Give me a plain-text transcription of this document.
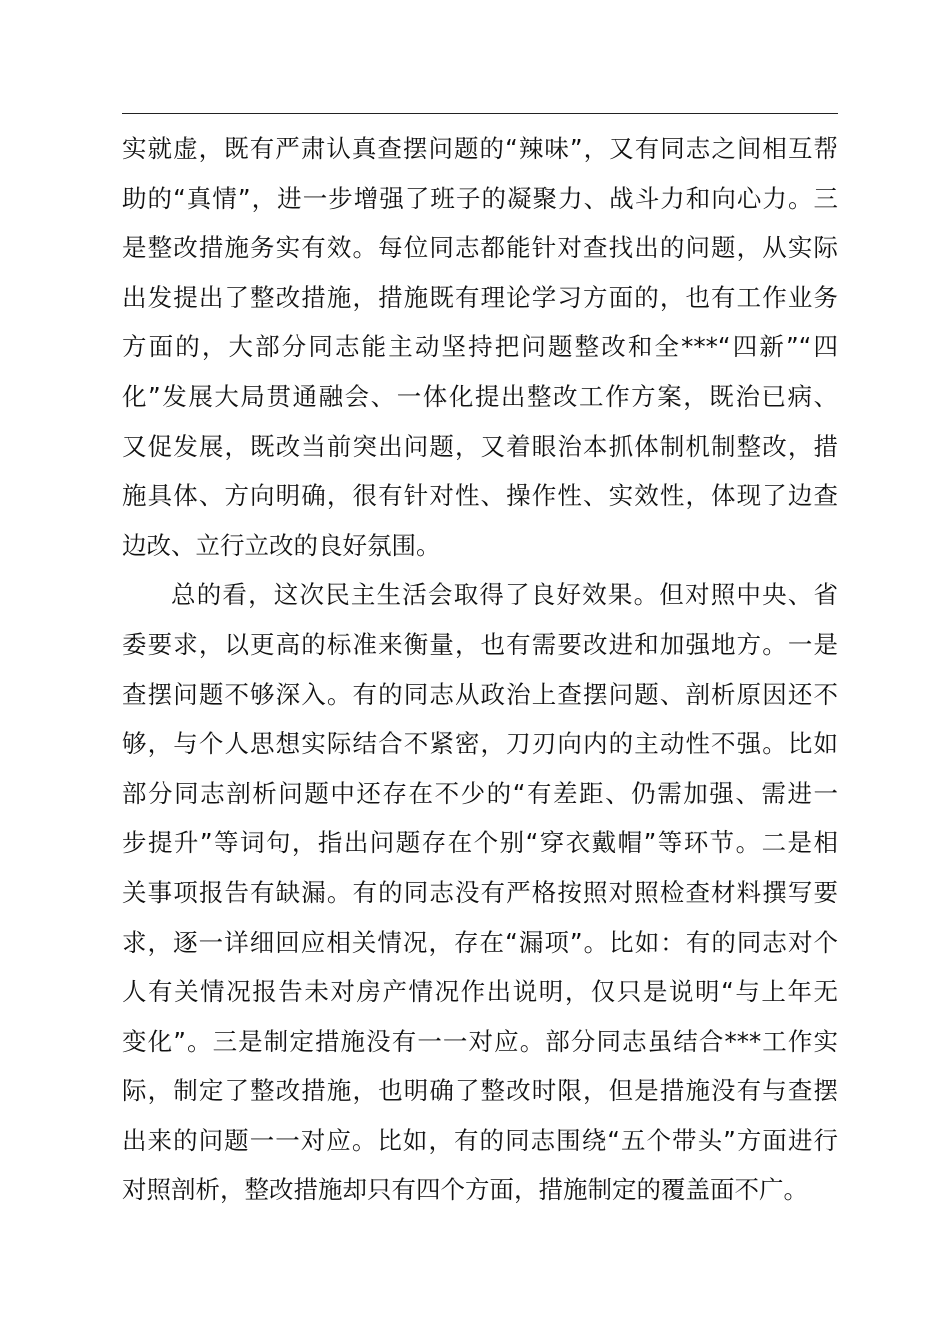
实就虚，既有严肃认真查摆问题的“辣味”，又有同志之间相互帮
助的“真情”，进一步增强了班子的凝聚力、战斗力和向心力。三
是整改措施务实有效。每位同志都能针对查找出的问题，从实际
出发提出了整改措施，措施既有理论学习方面的，也有工作业务
方面的，大部分同志能主动坚持把问题整改和全***“四新”“四
化”发展大局贯通融会、一体化提出整改工作方案，既治已病、
又促发展，既改当前突出问题，又着眼治本抓体制机制整改，措
施具体、方向明确，很有针对性、操作性、实效性，体现了边查
边改、立行立改的良好氛围。
总的看，这次民主生活会取得了良好效果。但对照中央、省
委要求，以更高的标准来衡量，也有需要改进和加强地方。一是
查摆问题不够深入。有的同志从政治上查摆问题、剖析原因还不
够，与个人思想实际结合不紧密，刀刃向内的主动性不强。比如
部分同志剖析问题中还存在不少的“有差距、仍需加强、需进一
步提升”等词句，指出问题存在个别“穿衣戴帽”等环节。二是相
关事项报告有缺漏。有的同志没有严格按照对照检查材料撰写要
求，逐一详细回应相关情况，存在“漏项”。比如：有的同志对个
人有关情况报告未对房产情况作出说明，仅只是说明“与上年无
变化”。三是制定措施没有一一对应。部分同志虽结合***工作实
际，制定了整改措施，也明确了整改时限，但是措施没有与查摆
出来的问题一一对应。比如，有的同志围绕“五个带头”方面进行
对照剖析，整改措施却只有四个方面，措施制定的覆盖面不广。
